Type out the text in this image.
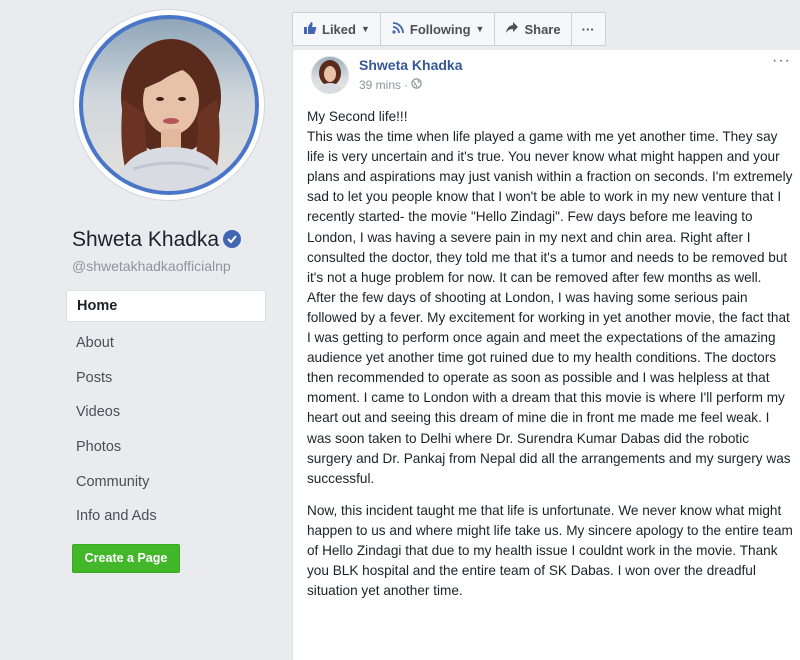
Shweta Khadka
@shwetakhadkaofficialnp
Home
About
Posts
Videos
Photos
Community
Info and Ads
Create a Page
Liked ▼	Following ▼	Share	···
Shweta Khadka
39 mins ·
···

My Second life!!!

This was the time when life played a game with me yet another time. They say life is very uncertain and it's true. You never know what might happen and your plans and aspirations may just vanish within a fraction on seconds. I'm extremely sad to let you people know that I won't be able to work in my new venture that I recently started- the movie "Hello Zindagi". Few days before me leaving to London, I was having a severe pain in my next and chin area. Right after I consulted the doctor, they told me that it's a tumor and needs to be removed but it's not a huge problem for now. It can be removed after few months as well. After the few days of shooting at London, I was having some serious pain followed by a fever. My excitement for working in yet another movie, the fact that I was getting to perform once again and meet the expectations of the amazing audience yet another time got ruined due to my health conditions. The doctors then recommended to operate as soon as possible and I was helpless at that moment. I came to London with a dream that this movie is where I'll perform my heart out and seeing this dream of mine die in front me made me feel weak. I was soon taken to Delhi where Dr. Surendra Kumar Dabas did the robotic surgery and Dr. Pankaj from Nepal did all the arrangements and my surgery was successful.

Now, this incident taught me that life is unfortunate. We never know what might happen to us and where might life take us. My sincere apology to the entire team of Hello Zindagi that due to my health issue I couldnt work in the movie. Thank you BLK hospital and the entire team of SK Dabas. I won over the dreadful situation yet another time.
